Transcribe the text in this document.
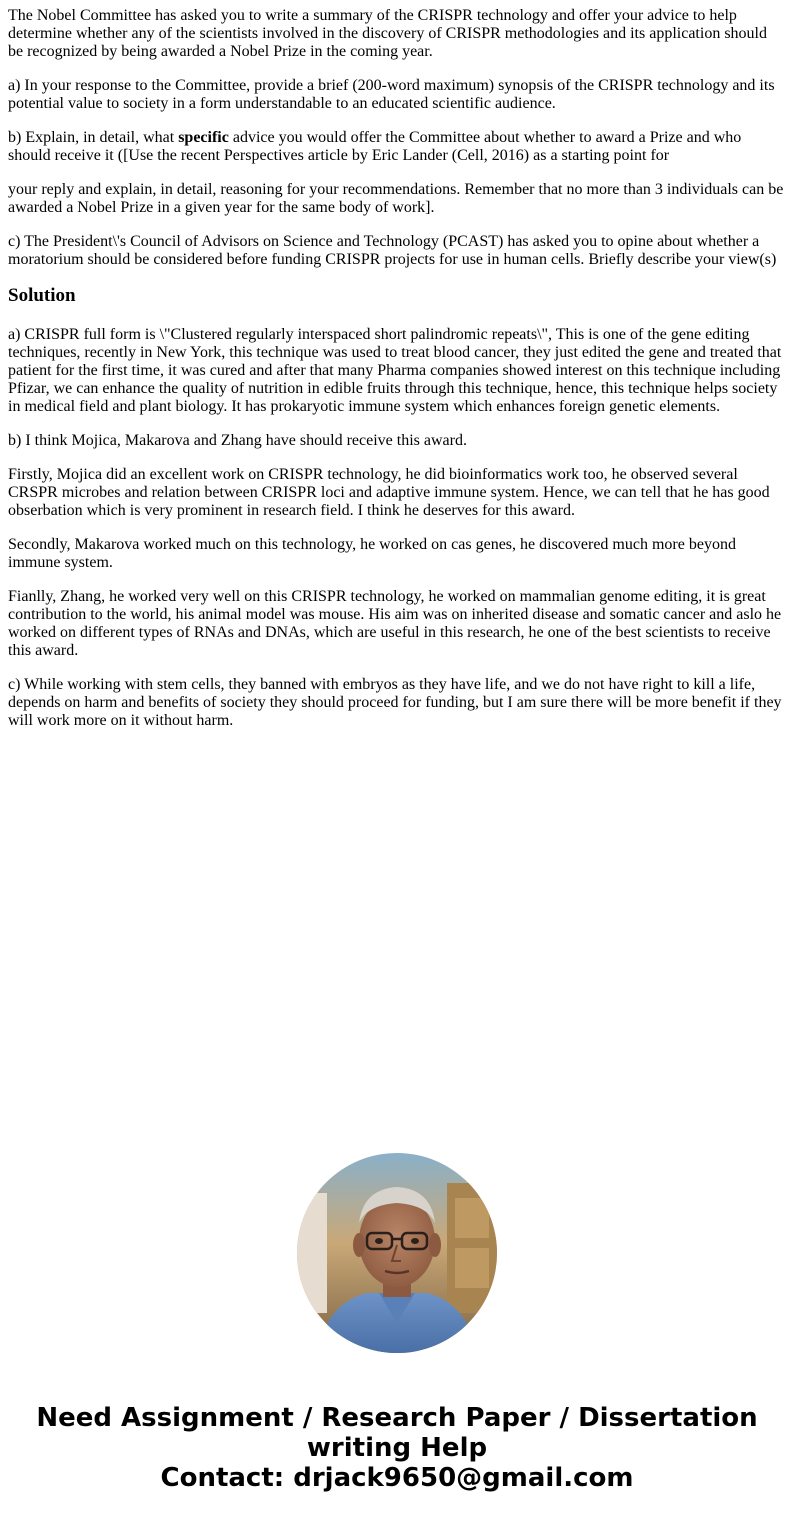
The Nobel Committee has asked you to write a summary of the CRISPR technology and offer your advice to help determine whether any of the scientists involved in the discovery of CRISPR methodologies and its application should be recognized by being awarded a Nobel Prize in the coming year.

a) In your response to the Committee, provide a brief (200-word maximum) synopsis of the CRISPR technology and its potential value to society in a form understandable to an educated scientific audience.

b) Explain, in detail, what specific advice you would offer the Committee about whether to award a Prize and who should receive it ([Use the recent Perspectives article by Eric Lander (Cell, 2016) as a starting point for

your reply and explain, in detail, reasoning for your recommendations. Remember that no more than 3 individuals can be awarded a Nobel Prize in a given year for the same body of work].

c) The President\'s Council of Advisors on Science and Technology (PCAST) has asked you to opine about whether a moratorium should be considered before funding CRISPR projects for use in human cells. Briefly describe your view(s)

Solution

a) CRISPR full form is \"Clustered regularly interspaced short palindromic repeats\", This is one of the gene editing techniques, recently in New York, this technique was used to treat blood cancer, they just edited the gene and treated that patient for the first time, it was cured and after that many Pharma companies showed interest on this technique including Pfizar, we can enhance the quality of nutrition in edible fruits through this technique, hence, this technique helps society in medical field and plant biology. It has prokaryotic immune system which enhances foreign genetic elements.

b) I think Mojica, Makarova and Zhang have should receive this award.

Firstly, Mojica did an excellent work on CRISPR technology, he did bioinformatics work too, he observed several CRSPR microbes and relation between CRISPR loci and adaptive immune system. Hence, we can tell that he has good obserbation which is very prominent in research field. I think he deserves for this award.

Secondly, Makarova worked much on this technology, he worked on cas genes, he discovered much more beyond immune system.

Fianlly, Zhang, he worked very well on this CRISPR technology, he worked on mammalian genome editing, it is great contribution to the world, his animal model was mouse. His aim was on inherited disease and somatic cancer and aslo he worked on different types of RNAs and DNAs, which are useful in this research, he one of the best scientists to receive this award.

c) While working with stem cells, they banned with embryos as they have life, and we do not have right to kill a life, depends on harm and benefits of society they should proceed for funding, but I am sure there will be more benefit if they will work more on it without harm.

Need Assignment / Research Paper / Dissertation
writing Help
Contact: drjack9650@gmail.com
